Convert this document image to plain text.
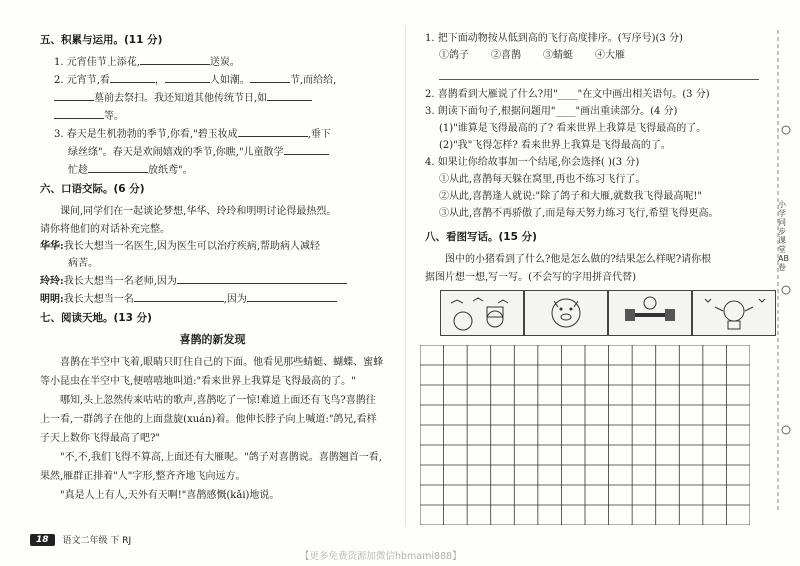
五、积累与运用。(11 分)

1. 元宵佳节上添花,	送炭。

2. 元宵节,看	，	人如潮。	节,而给给,

墓前去祭扫。我还知道其他传统节日,如

等。

3. 春天是生机勃勃的季节,你看,"碧玉妆成	,垂下

绿丝绦"。春天是欢闹嬉戏的季节,你瞧,"儿童散学

忙趁	放纸鸢"。

六、口语交际。(6 分)

课间,同学们在一起谈论梦想,华华、玲玲和明明讨论得最热烈。

请你将他们的对话补充完整。

华华:我长大想当一名医生,因为医生可以治疗疾病,帮助病人减轻

病苦。

玲玲:我长大想当一名老师,因为

明明:我长大想当一名	,因为

七、阅读天地。(13 分)
喜鹊的新发现

喜鹊在半空中飞着,眼睛只盯住自己的下面。他看见那些蜻蜓、蝴蝶、蜜蜂等小昆虫在半空中飞,便嘻嘻地叫道:"看来世界上我算是飞得最高的了。"

哪知,头上忽然传来咕咕的歌声,喜鹊吃了一惊!难道上面还有飞鸟?喜鹊往上一看,一群鸽子在他的上面盘旋(xuán)着。他伸长脖子向上喊道:"鸽兄,看样子天上数你飞得最高了吧?"

"不,不,我们飞得不算高,上面还有大雁呢。"鸽子对喜鹊说。喜鹊翘首一看,果然,雁群正排着"人"字形,整齐齐地飞向远方。

"真是人上有人,天外有天啊!"喜鹊感慨(kǎi)地说。

1. 把下面动物按从低到高的飞行高度排序。(写序号)(3 分)

①鸽子 ②喜鹊 ③蜻蜓 ④大雁

2. 喜鹊看到大雁说了什么?用"____"在文中画出相关语句。(3 分)

3. 朗读下面句子,根据问题用"____"画出重读部分。(4 分)

(1)"谁算是飞得最高的了? 看来世界上我算是飞得最高的了。

(2)"我"飞得怎样? 看来世界上我算是飞得最高的了。

4. 如果让你给故事加一个结尾,你会选择( )(3 分)

①从此,喜鹊每天躲在窝里,再也不练习飞行了。

②从此,喜鹊逢人就说:"除了鸽子和大雁,就数我飞得最高呢!"

③从此,喜鹊不再骄傲了,而是每天努力练习飞行,希望飞得更高。

八、看图写话。(15 分)

图中的小猪看到了什么?他是怎么做的?结果怎么样呢?请你根

据图片想一想,写一写。(不会写的字用拼音代替)

小学 同步课堂 AB卷
18	语文二年级 下 RJ
【更多免费资源加微信hbmami888】
